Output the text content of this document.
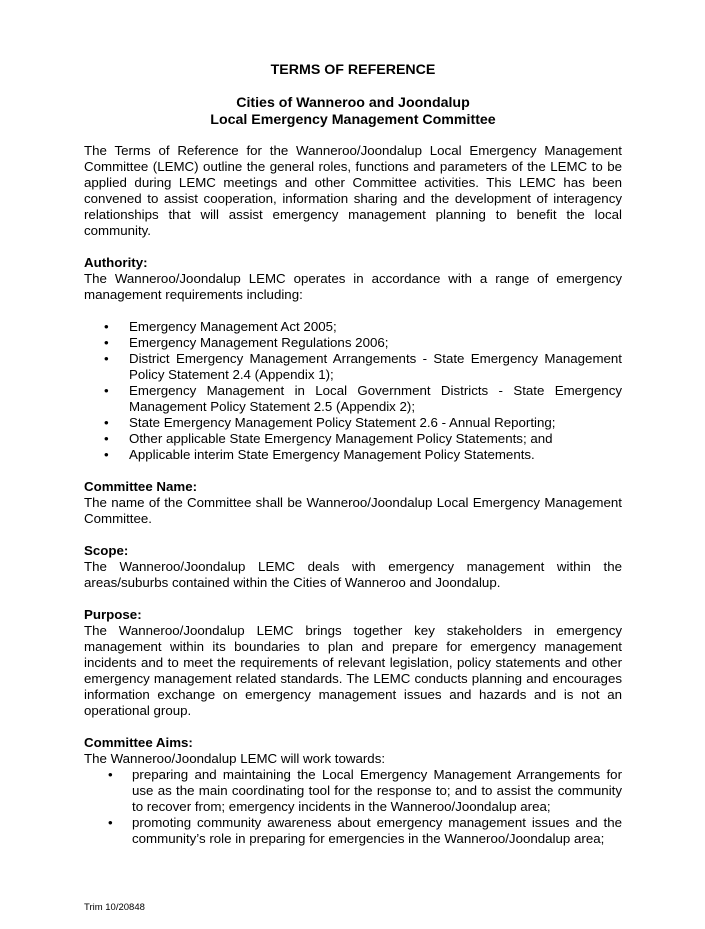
TERMS OF REFERENCE
Cities of Wanneroo and Joondalup
Local Emergency Management Committee

The Terms of Reference for the Wanneroo/Joondalup Local Emergency Management Committee (LEMC) outline the general roles, functions and parameters of the LEMC to be applied during LEMC meetings and other Committee activities. This LEMC has been convened to assist cooperation, information sharing and the development of interagency relationships that will assist emergency management planning to benefit the local community.

Authority:
The Wanneroo/Joondalup LEMC operates in accordance with a range of emergency management requirements including:
• Emergency Management Act 2005;
• Emergency Management Regulations 2006;
• District Emergency Management Arrangements - State Emergency Management Policy Statement 2.4 (Appendix 1);
• Emergency Management in Local Government Districts - State Emergency Management Policy Statement 2.5 (Appendix 2);
• State Emergency Management Policy Statement 2.6 - Annual Reporting;
• Other applicable State Emergency Management Policy Statements; and
• Applicable interim State Emergency Management Policy Statements.
Committee Name:
The name of the Committee shall be Wanneroo/Joondalup Local Emergency Management Committee.
Scope:
The Wanneroo/Joondalup LEMC deals with emergency management within the areas/suburbs contained within the Cities of Wanneroo and Joondalup.
Purpose:
The Wanneroo/Joondalup LEMC brings together key stakeholders in emergency management within its boundaries to plan and prepare for emergency management incidents and to meet the requirements of relevant legislation, policy statements and other emergency management related standards. The LEMC conducts planning and encourages information exchange on emergency management issues and hazards and is not an operational group.
Committee Aims:
The Wanneroo/Joondalup LEMC will work towards:
• preparing and maintaining the Local Emergency Management Arrangements for use as the main coordinating tool for the response to; and to assist the community to recover from; emergency incidents in the Wanneroo/Joondalup area;
• promoting community awareness about emergency management issues and the community’s role in preparing for emergencies in the Wanneroo/Joondalup area;
Trim 10/20848
